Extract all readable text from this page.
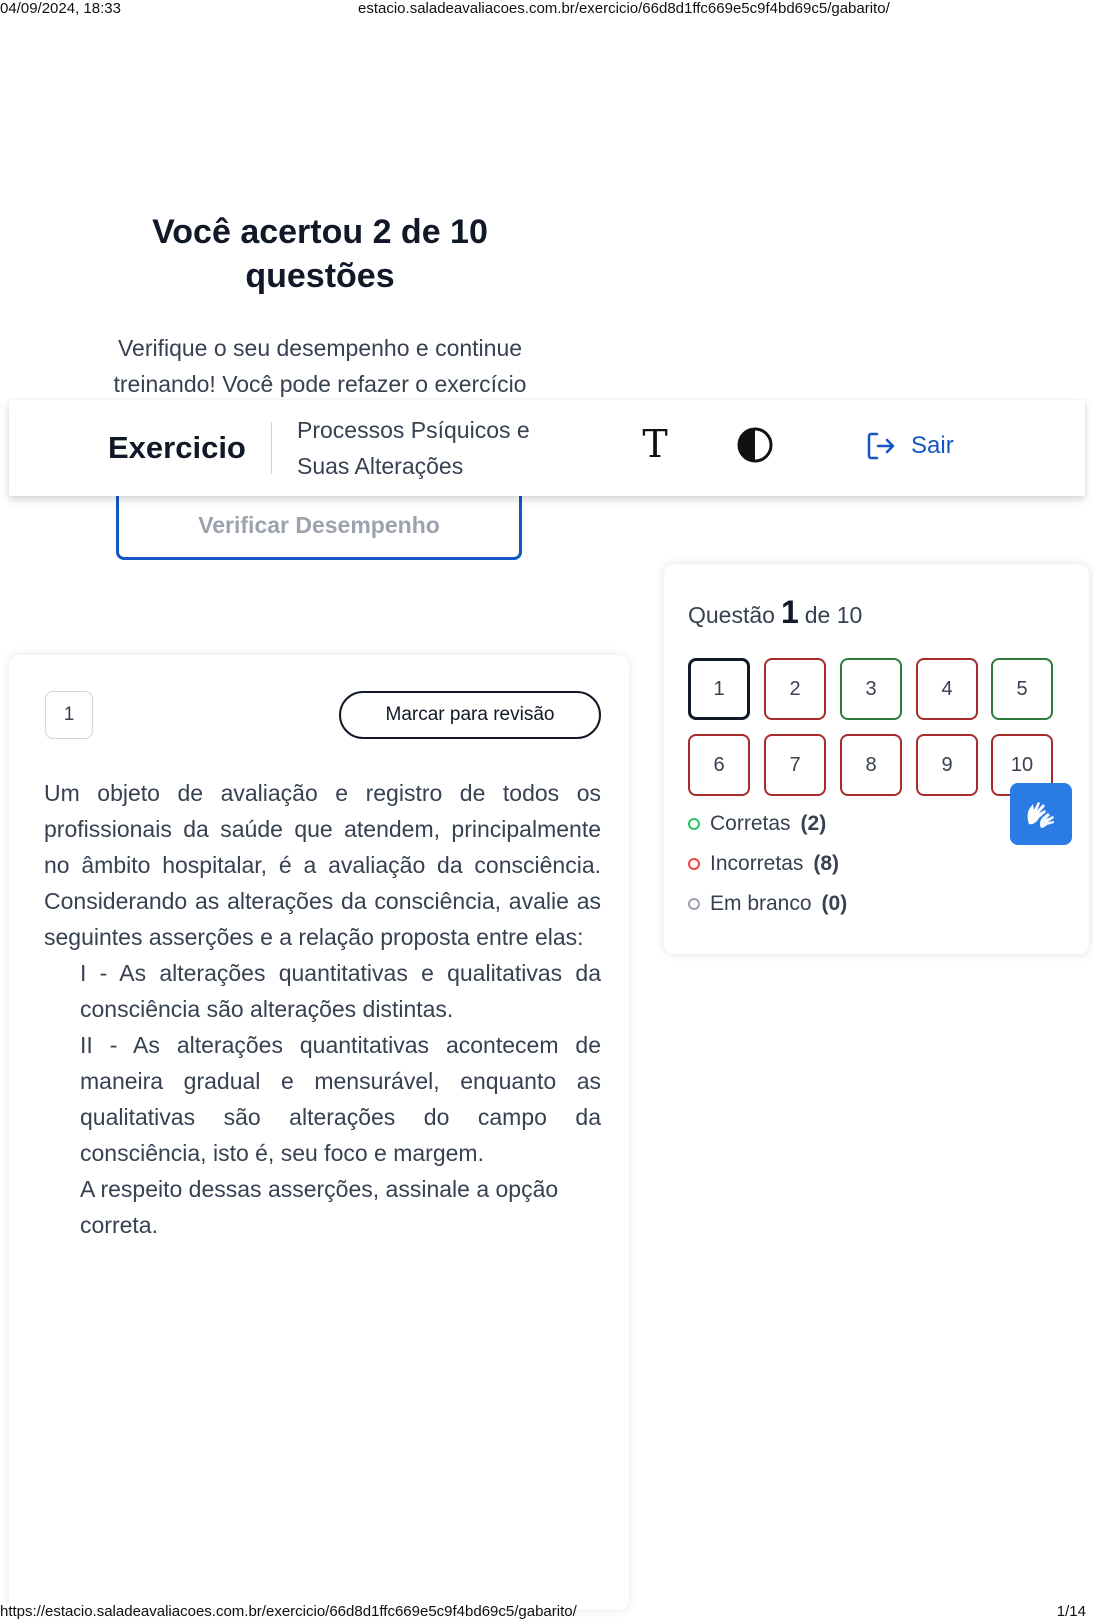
04/09/2024, 18:33	estacio.saladeavaliacoes.com.br/exercicio/66d8d1ffc669e5c9f4bd69c5/gabarito/
Você acertou 2 de 10
questões

Verifique o seu desempenho e continue
treinando! Você pode refazer o exercício

Verificar Desempenho
Exercicio Processos Psíquicos e
Suas Alterações	T	Sair
1	Marcar para revisão

Um objeto de avaliação e registro de todos os profissionais da saúde que atendem, principalmente no âmbito hospitalar, é a avaliação da consciência. Considerando as alterações da consciência, avalie as seguintes asserções e a relação proposta entre elas:

I - As alterações quantitativas e qualitativas da consciência são alterações distintas.

II - As alterações quantitativas acontecem de maneira gradual e mensurável, enquanto as qualitativas são alterações do campo da consciência, isto é, seu foco e margem.

A respeito dessas asserções, assinale a opção correta.

Questão 1 de 10
1	2	3	4	5
6	7	8	9	10
Corretas (2)
Incorretas (8)
Em branco (0)
https://estacio.saladeavaliacoes.com.br/exercicio/66d8d1ffc669e5c9f4bd69c5/gabarito/	1/14
